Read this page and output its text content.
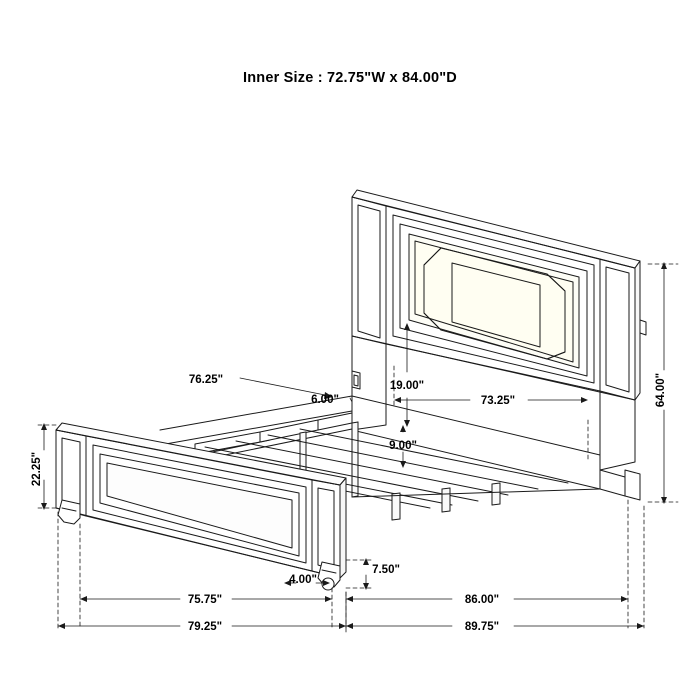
Inner Size : 72.75"W x 84.00"D
64.00"
73.25"
19.00"
9.00"
76.25"
6.00"
22.25"
7.50"
4.00"
75.75"	86.00"
79.25"	89.75"
